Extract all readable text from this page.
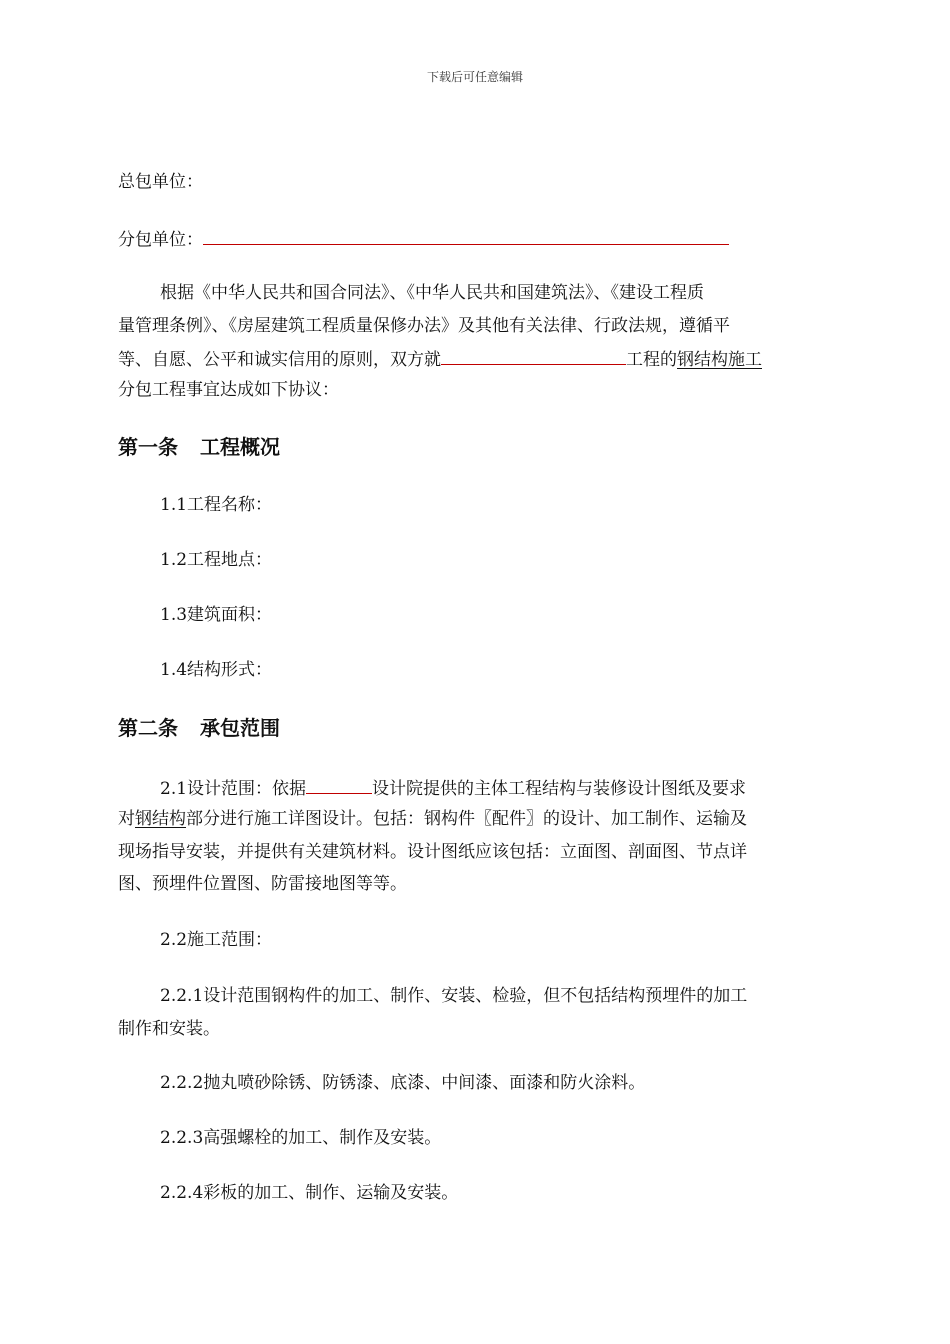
下载后可任意编辑
总包单位：
分包单位：
根据《中华人民共和国合同法》、《中华人民共和国建筑法》、《建设工程质
量管理条例》、《房屋建筑工程质量保修办法》及其他有关法律、行政法规，遵循平
等、自愿、公平和诚实信用的原则，双方就	工程的钢结构施工
分包工程事宜达成如下协议：
第一条 工程概况
1.1工程名称：
1.2工程地点：
1.3建筑面积：
1.4结构形式：
第二条 承包范围
2.1设计范围：依据	设计院提供的主体工程结构与装修设计图纸及要求
对钢结构部分进行施工详图设计。包括：钢构件〖配件〗的设计、加工制作、运输及
现场指导安装，并提供有关建筑材料。设计图纸应该包括：立面图、剖面图、节点详
图、预埋件位置图、防雷接地图等等。
2.2施工范围：
2.2.1设计范围钢构件的加工、制作、安装、检验，但不包括结构预埋件的加工
制作和安装。
2.2.2抛丸喷砂除锈、防锈漆、底漆、中间漆、面漆和防火涂料。
2.2.3高强螺栓的加工、制作及安装。
2.2.4彩板的加工、制作、运输及安装。
